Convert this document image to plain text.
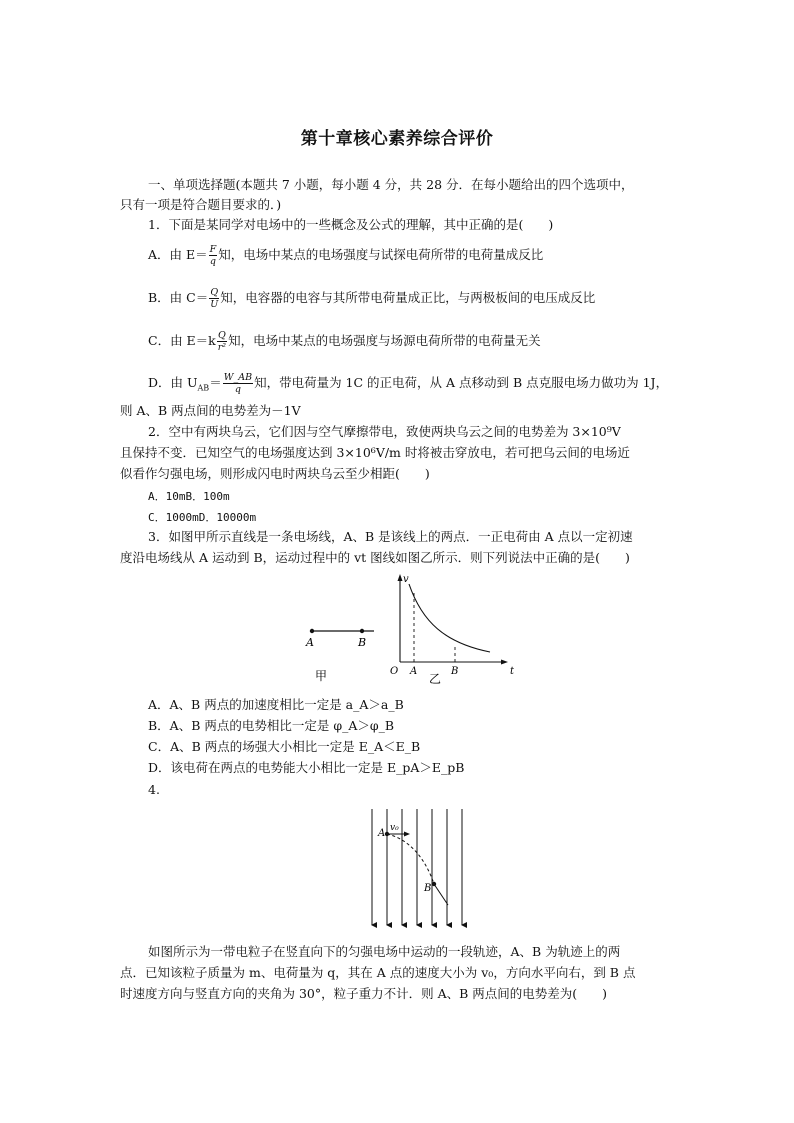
第十章核心素养综合评价
一、单项选择题(本题共 7 小题，每小题 4 分，共 28 分．在每小题给出的四个选项中，
只有一项是符合题目要求的．)
1．下面是某同学对电场中的一些概念及公式的理解，其中正确的是(　　)
A．由 $E= \frac{F}{q}$ 知，电场中某点的电场强度与试探电荷所带的电荷量成反比
B．由 $C= \frac{Q}{U}$ 知，电容器的电容与其所带电荷量成正比，与两极板间的电压成反比
C．由 $E=k \frac{Q}{\text{r²}}$ 知，电场中某点的电场强度与场源电荷所带的电荷量无关
D．由 $U_{AB}= \frac{W\_AB}{q}$ 知，带电荷量为 1C 的正电荷，从 A 点移动到 B 点克服电场力做功为 1J，
则 A、B 两点间的电势差为－1V
2．空中有两块乌云，它们因与空气摩擦带电，致使两块乌云之间的电势差为 3×10⁹V
且保持不变．已知空气的电场强度达到 3×10⁶V/m 时将被击穿放电，若可把乌云间的电场近
似看作匀强电场，则形成闪电时两块乌云至少相距(　　)
A．10mB．100m
C．1000mD．10000m
3．如图甲所示直线是一条电场线，A、B 是该线上的两点．一正电荷由 A 点以一定初速
度沿电场线从 A 运动到 B，运动过程中的 vt 图线如图乙所示．则下列说法中正确的是(　　)
A	B
甲
v
O A	B	t
乙
A．A、B 两点的加速度相比一定是 a_A＞a_B
B．A、B 两点的电势相比一定是 φ_A＞φ_B
C．A、B 两点的场强大小相比一定是 E_A＜E_B
D．该电荷在两点的电势能大小相比一定是 E_pA＞E_pB
4.
A v₀
B
如图所示为一带电粒子在竖直向下的匀强电场中运动的一段轨迹，A、B 为轨迹上的两
点．已知该粒子质量为 m、电荷量为 q，其在 A 点的速度大小为 v₀，方向水平向右，到 B 点
时速度方向与竖直方向的夹角为 30°，粒子重力不计．则 A、B 两点间的电势差为(　　)
